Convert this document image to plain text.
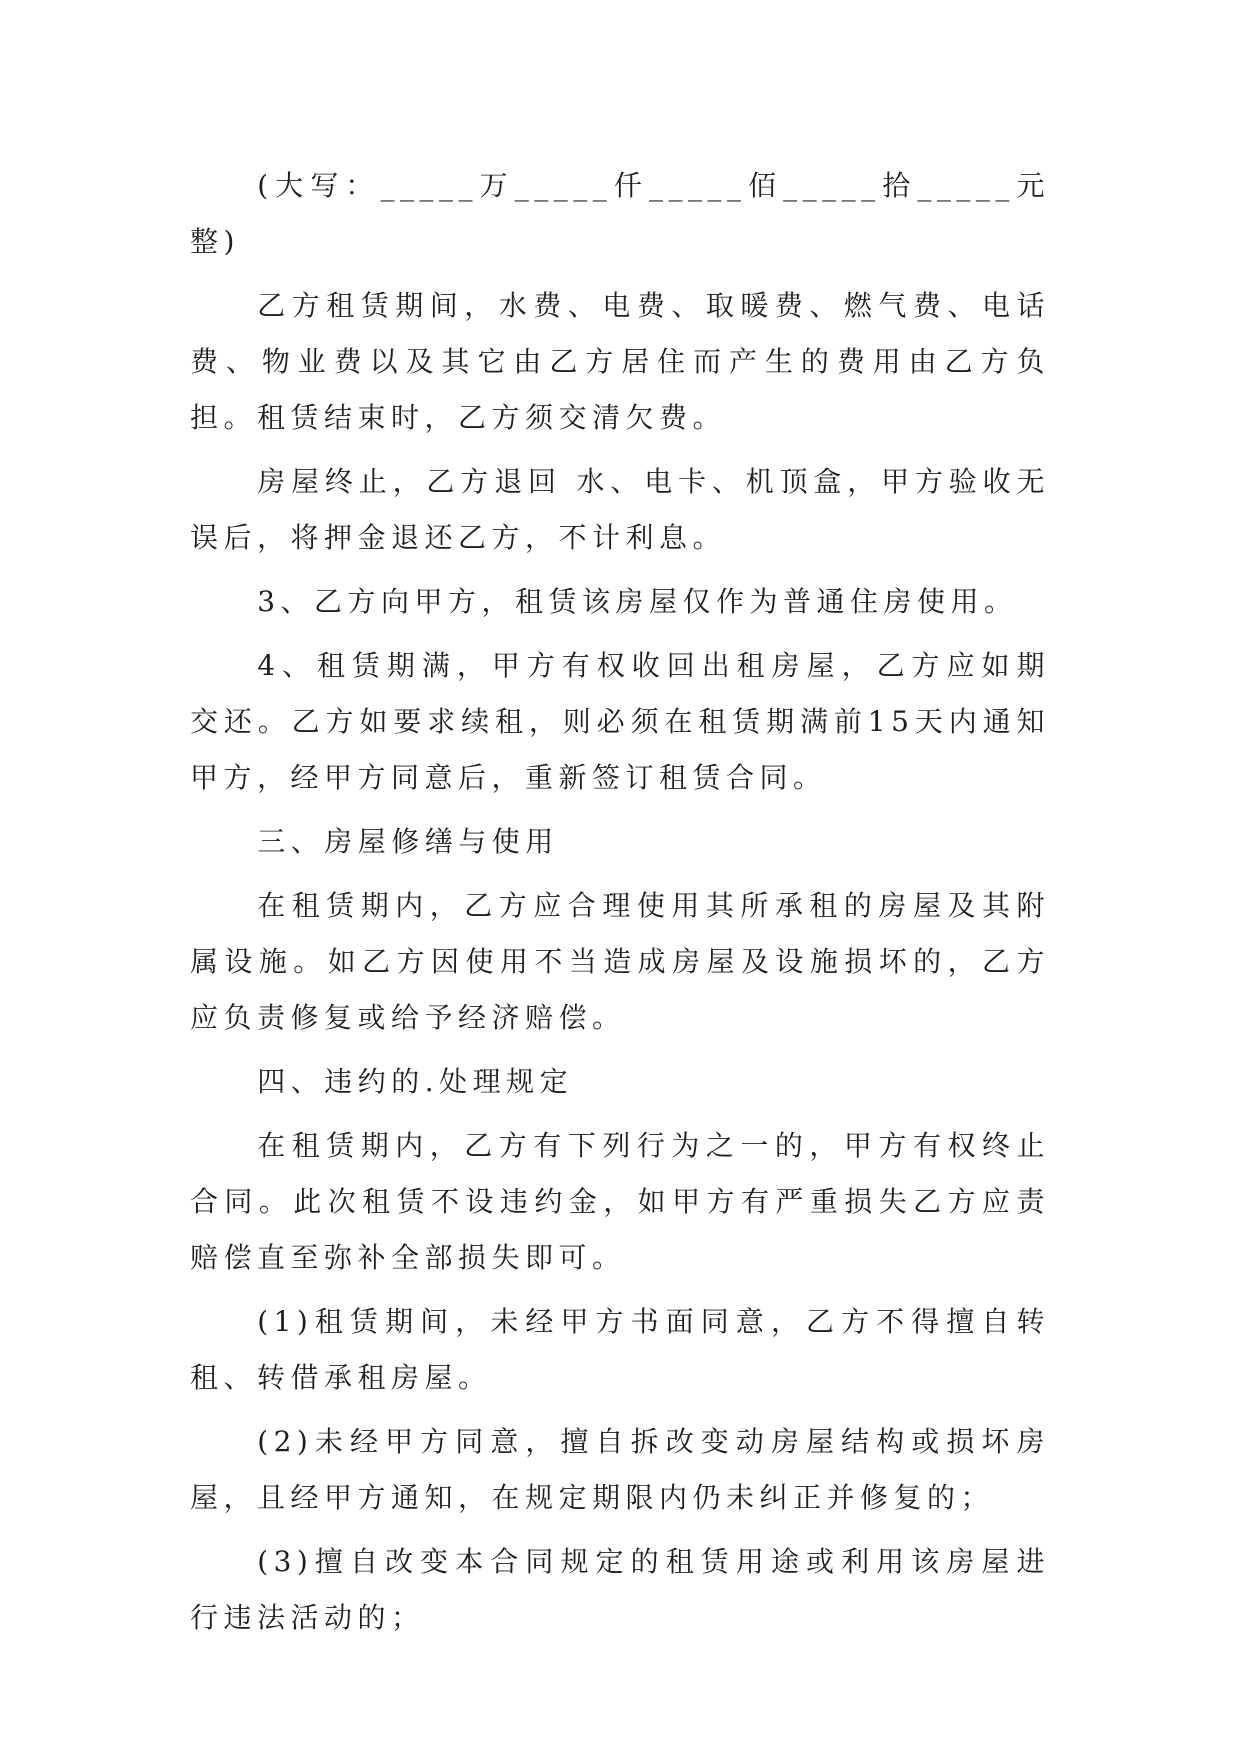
(大写：_____万_____仟_____佰_____拾_____元整)

乙方租赁期间，水费、电费、取暖费、燃气费、电话费、物业费以及其它由乙方居住而产生的费用由乙方负担。租赁结束时，乙方须交清欠费。

房屋终止，乙方退回 水、电卡、机顶盒，甲方验收无误后，将押金退还乙方，不计利息。

3、乙方向甲方，租赁该房屋仅作为普通住房使用。

4、租赁期满，甲方有权收回出租房屋，乙方应如期交还。乙方如要求续租，则必须在租赁期满前15天内通知甲方，经甲方同意后，重新签订租赁合同。

三、房屋修缮与使用

在租赁期内，乙方应合理使用其所承租的房屋及其附属设施。如乙方因使用不当造成房屋及设施损坏的，乙方应负责修复或给予经济赔偿。

四、违约的.处理规定

在租赁期内，乙方有下列行为之一的，甲方有权终止合同。此次租赁不设违约金，如甲方有严重损失乙方应责赔偿直至弥补全部损失即可。

(1)租赁期间，未经甲方书面同意，乙方不得擅自转租、转借承租房屋。

(2)未经甲方同意，擅自拆改变动房屋结构或损坏房屋，且经甲方通知，在规定期限内仍未纠正并修复的；

(3)擅自改变本合同规定的租赁用途或利用该房屋进行违法活动的；
